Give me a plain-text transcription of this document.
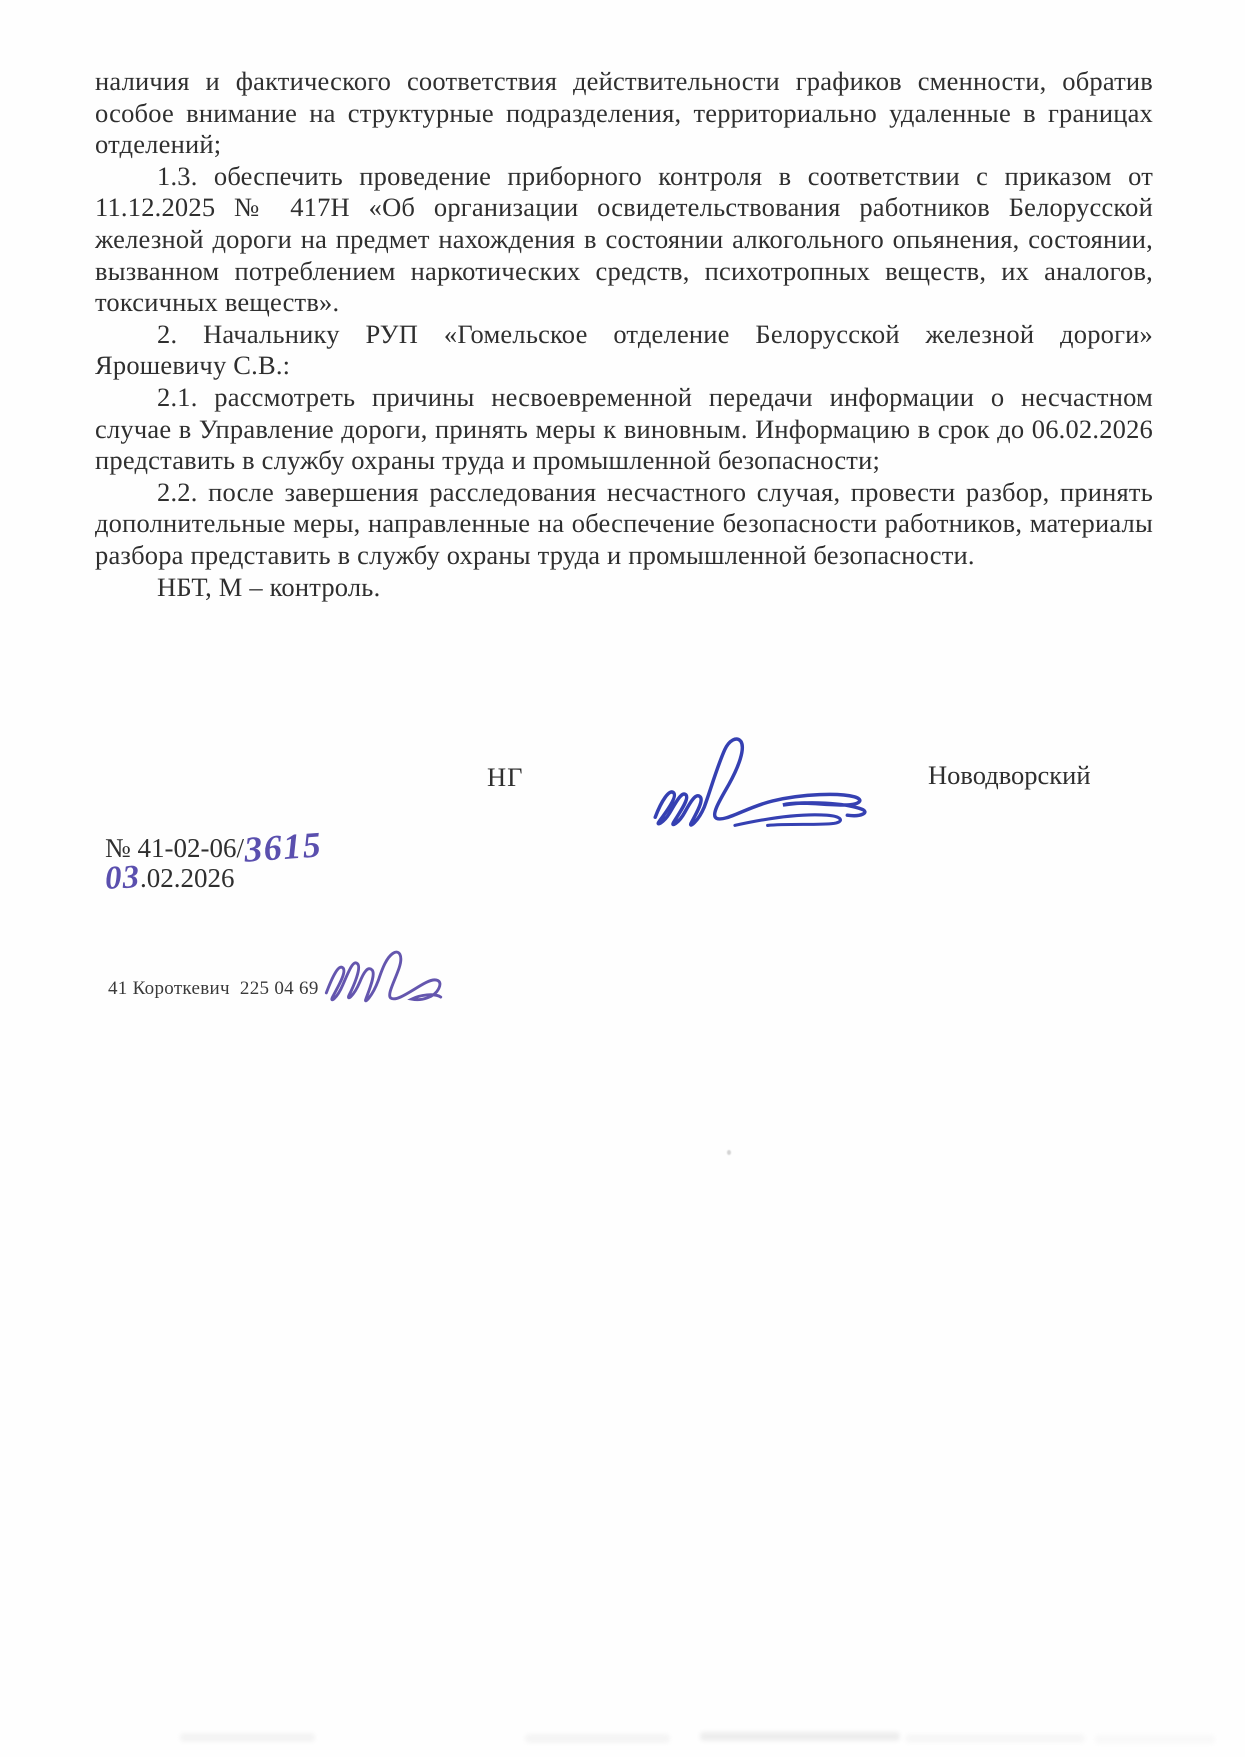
наличия и фактического соответствия действительности графиков сменности, обратив особое внимание на структурные подразделения, территориально удаленные в границах отделений;

1.3. обеспечить проведение приборного контроля в соответствии с приказом от 11.12.2025 № 417Н «Об организации освидетельствования работников Белорусской железной дороги на предмет нахождения в состоянии алкогольного опьянения, состоянии, вызванном потреблением наркотических средств, психотропных веществ, их аналогов, токсичных веществ».

2. Начальнику РУП «Гомельское отделение Белорусской железной дороги» Ярошевичу С.В.:

2.1. рассмотреть причины несвоевременной передачи информации о несчастном случае в Управление дороги, принять меры к виновным. Информацию в срок до 06.02.2026 представить в службу охраны труда и промышленной безопасности;

2.2. после завершения расследования несчастного случая, провести разбор, принять дополнительные меры, направленные на обеспечение безопасности работников, материалы разбора представить в службу охраны труда и промышленной безопасности.

НБТ, М – контроль.

НГ	Новодворский
№ 41-02-06/3615
03.02.2026
41 Короткевич  225 04 69
